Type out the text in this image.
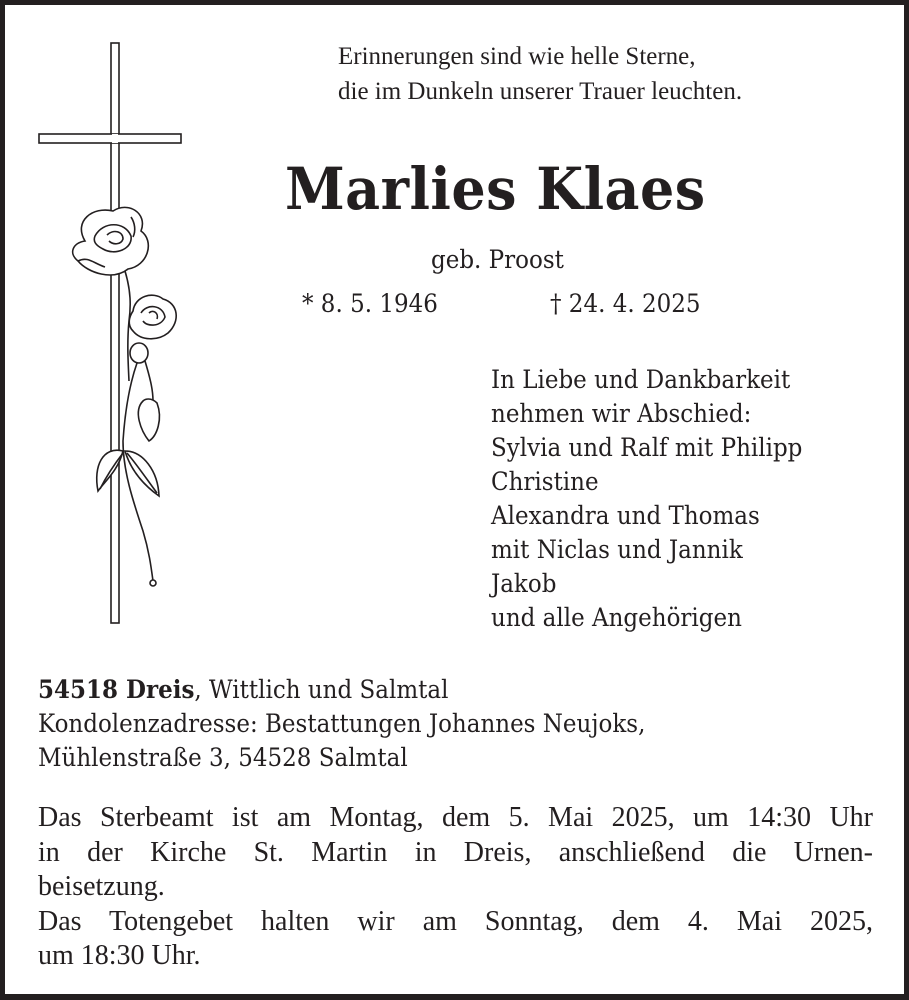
Erinnerungen sind wie helle Sterne,
die im Dunkeln unserer Trauer leuchten.
Marlies Klaes
geb. Proost
* 8. 5. 1946	† 24. 4. 2025
In Liebe und Dankbarkeit
nehmen wir Abschied:
Sylvia und Ralf mit Philipp
Christine
Alexandra und Thomas
mit Niclas und Jannik
Jakob
und alle Angehörigen
54518 Dreis, Wittlich und Salmtal
Kondolenzadresse: Bestattungen Johannes Neujoks,
Mühlenstraße 3, 54528 Salmtal
Das Sterbeamt ist am Montag, dem 5. Mai 2025, um 14:30 Uhr
in der Kirche St. Martin in Dreis, anschließend die Urnen-
beisetzung.
Das Totengebet halten wir am Sonntag, dem 4. Mai 2025,
um 18:30 Uhr.
